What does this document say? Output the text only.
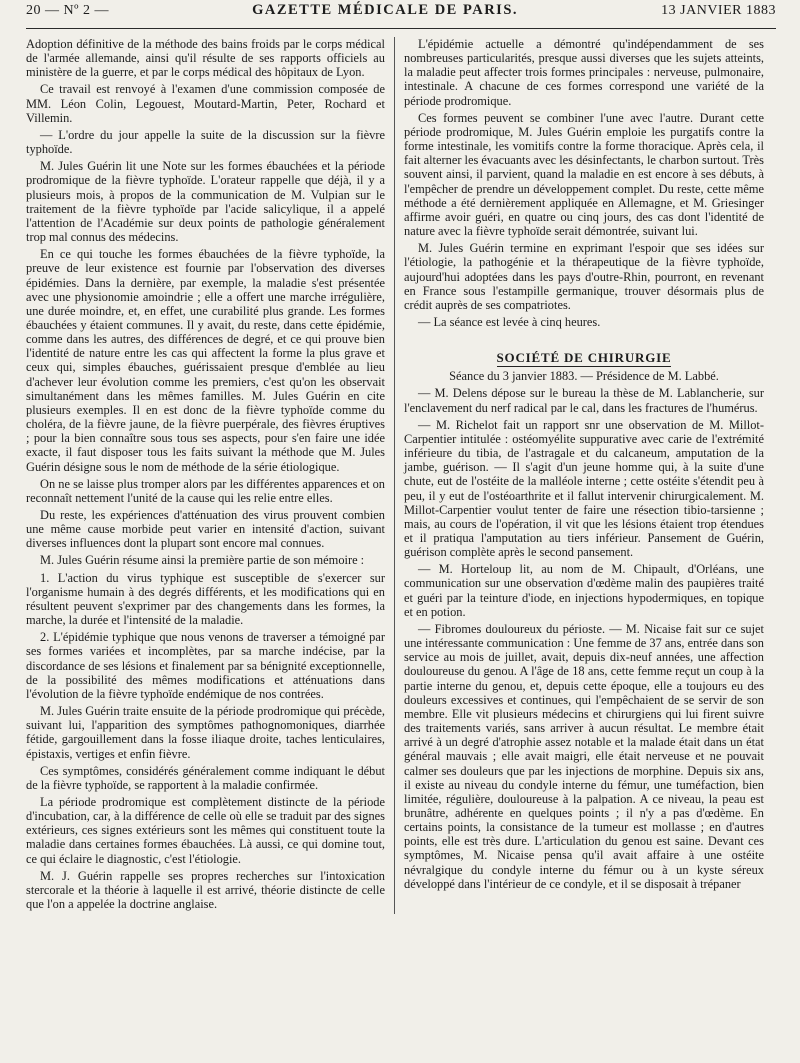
20 — Nº 2 —	GAZETTE MÉDICALE DE PARIS.	13 JANVIER 1883

Adoption définitive de la méthode des bains froids par le corps médical de l'armée allemande, ainsi qu'il résulte de ses rapports officiels au ministère de la guerre, et par le corps médical des hôpitaux de Lyon.

Ce travail est renvoyé à l'examen d'une commission composée de MM. Léon Colin, Legouest, Moutard-Martin, Peter, Rochard et Villemin.

— L'ordre du jour appelle la suite de la discussion sur la fièvre typhoïde.

M. Jules Guérin lit une Note sur les formes ébauchées et la période prodromique de la fièvre typhoïde. L'orateur rappelle que déjà, il y a plusieurs mois, à propos de la communication de M. Vulpian sur le traitement de la fièvre typhoïde par l'acide salicylique, il a appelé l'attention de l'Académie sur deux points de pathologie généralement trop mal connus des médecins.

En ce qui touche les formes ébauchées de la fièvre typhoïde, la preuve de leur existence est fournie par l'observation des diverses épidémies. Dans la dernière, par exemple, la maladie s'est présentée avec une physionomie amoindrie ; elle a offert une marche irrégulière, une durée moindre, et, en effet, une curabilité plus grande. Les formes ébauchées y étaient communes. Il y avait, du reste, dans cette épidémie, comme dans les autres, des différences de degré, et ce qui prouve bien l'identité de nature entre les cas qui affectent la forme la plus grave et ceux qui, simples ébauches, guérissaient presque d'emblée au lieu d'achever leur évolution comme les premiers, c'est qu'on les observait simultanément dans les mêmes familles. M. Jules Guérin en cite plusieurs exemples. Il en est donc de la fièvre typhoïde comme du choléra, de la fièvre jaune, de la fièvre puerpérale, des fièvres éruptives ; pour la bien connaître sous tous ses aspects, pour s'en faire une idée exacte, il faut disposer tous les faits suivant la méthode que M. Jules Guérin désigne sous le nom de méthode de la série étiologique.

On ne se laisse plus tromper alors par les différentes apparences et on reconnaît nettement l'unité de la cause qui les relie entre elles.

Du reste, les expériences d'atténuation des virus prouvent combien une même cause morbide peut varier en intensité d'action, suivant diverses influences dont la plupart sont encore mal connues.

M. Jules Guérin résume ainsi la première partie de son mémoire :

1. L'action du virus typhique est susceptible de s'exercer sur l'organisme humain à des degrés différents, et les modifications qui en résultent peuvent s'exprimer par des changements dans les formes, la marche, la durée et l'intensité de la maladie.

2. L'épidémie typhique que nous venons de traverser a témoigné par ses formes variées et incomplètes, par sa marche indécise, par la discordance de ses lésions et finalement par sa bénignité exceptionnelle, de la possibilité des mêmes modifications et atténuations dans l'évolution de la fièvre typhoïde endémique de nos contrées.

M. Jules Guérin traite ensuite de la période prodromique qui précède, suivant lui, l'apparition des symptômes pathognomoniques, diarrhée fétide, gargouillement dans la fosse iliaque droite, taches lenticulaires, épistaxis, vertiges et enfin fièvre.

Ces symptômes, considérés généralement comme indiquant le début de la fièvre typhoïde, se rapportent à la maladie confirmée.

La période prodromique est complètement distincte de la période d'incubation, car, à la différence de celle où elle se traduit par des signes extérieurs, ces signes extérieurs sont les mêmes qui constituent toute la maladie dans certaines formes ébauchées. Là aussi, ce qui domine tout, ce qui éclaire le diagnostic, c'est l'étiologie.

M. J. Guérin rappelle ses propres recherches sur l'intoxication stercorale et la théorie à laquelle il est arrivé, théorie distincte de celle que l'on a appelée la doctrine anglaise.

L'épidémie actuelle a démontré qu'indépendamment de ses nombreuses particularités, presque aussi diverses que les sujets atteints, la maladie peut affecter trois formes principales : nerveuse, pulmonaire, intestinale. A chacune de ces formes correspond une variété de la période prodromique.

Ces formes peuvent se combiner l'une avec l'autre. Durant cette période prodromique, M. Jules Guérin emploie les purgatifs contre la forme intestinale, les vomitifs contre la forme thoracique. Après cela, il fait alterner les évacuants avec les désinfectants, le charbon surtout. Très souvent ainsi, il parvient, quand la maladie en est encore à ses débuts, à l'empêcher de prendre un développement complet. Du reste, cette même méthode a été dernièrement appliquée en Allemagne, et M. Griesinger affirme avoir guéri, en quatre ou cinq jours, des cas dont l'identité de nature avec la fièvre typhoïde serait démontrée, suivant lui.

M. Jules Guérin termine en exprimant l'espoir que ses idées sur l'étiologie, la pathogénie et la thérapeutique de la fièvre typhoïde, aujourd'hui adoptées dans les pays d'outre-Rhin, pourront, en revenant en France sous l'estampille germanique, trouver désormais plus de crédit auprès de ses compatriotes.

— La séance est levée à cinq heures.

SOCIÉTÉ DE CHIRURGIE

Séance du 3 janvier 1883. — Présidence de M. Labbé.

— M. Delens dépose sur le bureau la thèse de M. Lablancherie, sur l'enclavement du nerf radical par le cal, dans les fractures de l'humérus.

— M. Richelot fait un rapport snr une observation de M. Millot-Carpentier intitulée : ostéomyélite suppurative avec carie de l'extrémité inférieure du tibia, de l'astragale et du calcaneum, amputation de la jambe, guérison. — Il s'agit d'un jeune homme qui, à la suite d'une chute, eut de l'ostéite de la malléole interne ; cette ostéite s'étendit peu à peu, il y eut de l'ostéoarthrite et il fallut intervenir chirurgicalement. M. Millot-Carpentier voulut tenter de faire une résection tibio-tarsienne ; mais, au cours de l'opération, il vit que les lésions étaient trop étendues et il pratiqua l'amputation au tiers inférieur. Pansement de Guérin, guérison complète après le second pansement.

— M. Horteloup lit, au nom de M. Chipault, d'Orléans, une communication sur une observation d'œdème malin des paupières traité et guéri par la teinture d'iode, en injections hypodermiques, en topique et en potion.

— Fibromes douloureux du périoste. — M. Nicaise fait sur ce sujet une intéressante communication : Une femme de 37 ans, entrée dans son service au mois de juillet, avait, depuis dix-neuf années, une affection douloureuse du genou. A l'âge de 18 ans, cette femme reçut un coup à la partie interne du genou, et, depuis cette époque, elle a toujours eu des douleurs excessives et continues, qui l'empêchaient de se servir de son membre. Elle vit plusieurs médecins et chirurgiens qui lui firent suivre des traitements variés, sans arriver à aucun résultat. Le membre était arrivé à un degré d'atrophie assez notable et la malade était dans un état général mauvais ; elle avait maigri, elle était nerveuse et ne pouvait calmer ses douleurs que par les injections de morphine. Depuis six ans, il existe au niveau du condyle interne du fémur, une tuméfaction, bien limitée, régulière, douloureuse à la palpation. A ce niveau, la peau est brunâtre, adhérente en quelques points ; il n'y a pas d'œdème. En certains points, la consistance de la tumeur est mollasse ; en d'autres points, elle est très dure. L'articulation du genou est saine. Devant ces symptômes, M. Nicaise pensa qu'il avait affaire à une ostéite névralgique du condyle interne du fémur ou à un kyste séreux développé dans l'intérieur de ce condyle, et il se disposait à trépaner
